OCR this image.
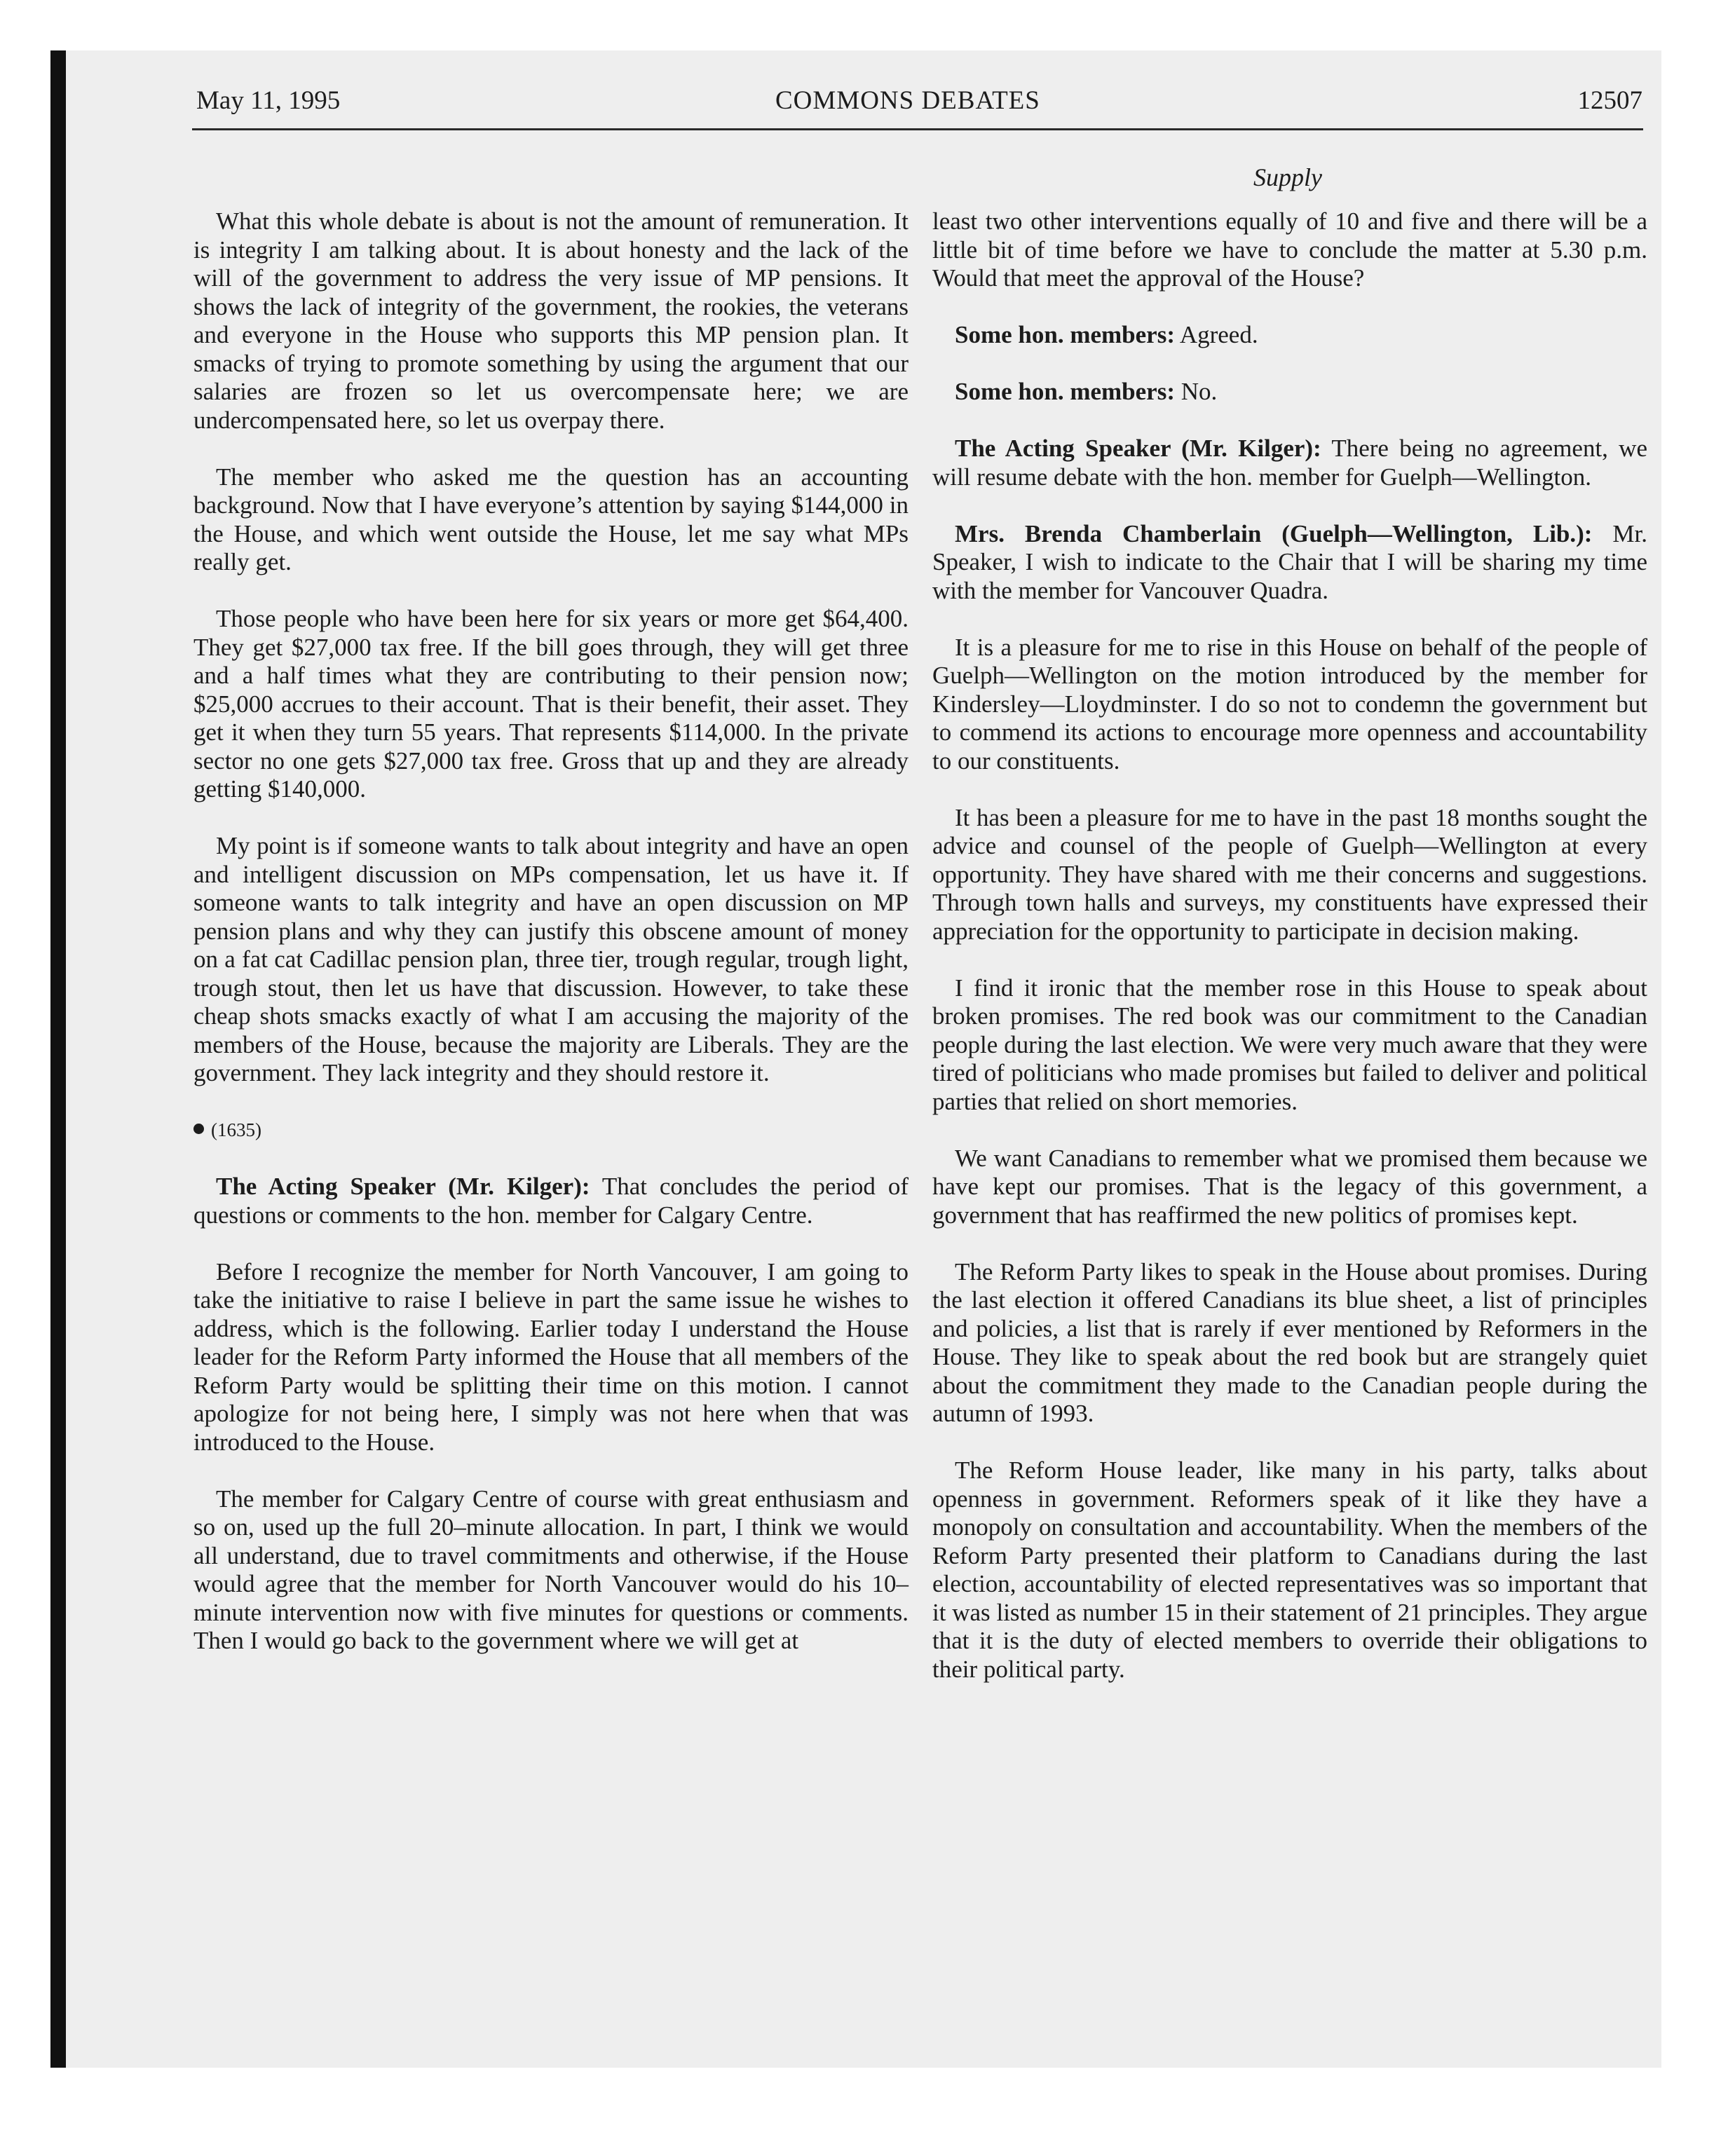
May 11, 1995	COMMONS DEBATES	12507
Supply

What this whole debate is about is not the amount of remuneration. It is integrity I am talking about. It is about honesty and the lack of the will of the government to address the very issue of MP pensions. It shows the lack of integrity of the government, the rookies, the veterans and everyone in the House who supports this MP pension plan. It smacks of trying to promote something by using the argument that our salaries are frozen so let us overcompensate here; we are undercompensated here, so let us overpay there.

The member who asked me the question has an accounting background. Now that I have everyone’s attention by saying $144,000 in the House, and which went outside the House, let me say what MPs really get.

Those people who have been here for six years or more get $64,400. They get $27,000 tax free. If the bill goes through, they will get three and a half times what they are contributing to their pension now; $25,000 accrues to their account. That is their benefit, their asset. They get it when they turn 55 years. That represents $114,000. In the private sector no one gets $27,000 tax free. Gross that up and they are already getting $140,000.

My point is if someone wants to talk about integrity and have an open and intelligent discussion on MPs compensation, let us have it. If someone wants to talk integrity and have an open discussion on MP pension plans and why they can justify this obscene amount of money on a fat cat Cadillac pension plan, three tier, trough regular, trough light, trough stout, then let us have that discussion. However, to take these cheap shots smacks exactly of what I am accusing the majority of the members of the House, because the majority are Liberals. They are the government. They lack integrity and they should restore it.

(1635)

The Acting Speaker (Mr. Kilger): That concludes the period of questions or comments to the hon. member for Calgary Centre.

Before I recognize the member for North Vancouver, I am going to take the initiative to raise I believe in part the same issue he wishes to address, which is the following. Earlier today I understand the House leader for the Reform Party informed the House that all members of the Reform Party would be splitting their time on this motion. I cannot apologize for not being here, I simply was not here when that was introduced to the House.

The member for Calgary Centre of course with great enthusiasm and so on, used up the full 20–minute allocation. In part, I think we would all understand, due to travel commitments and otherwise, if the House would agree that the member for North Vancouver would do his 10–minute intervention now with five minutes for questions or comments. Then I would go back to the government where we will get at

least two other interventions equally of 10 and five and there will be a little bit of time before we have to conclude the matter at 5.30 p.m. Would that meet the approval of the House?

Some hon. members: Agreed.

Some hon. members: No.

The Acting Speaker (Mr. Kilger): There being no agreement, we will resume debate with the hon. member for Guelph—Wellington.

Mrs. Brenda Chamberlain (Guelph—Wellington, Lib.): Mr. Speaker, I wish to indicate to the Chair that I will be sharing my time with the member for Vancouver Quadra.

It is a pleasure for me to rise in this House on behalf of the people of Guelph—Wellington on the motion introduced by the member for Kindersley—Lloydminster. I do so not to condemn the government but to commend its actions to encourage more openness and accountability to our constituents.

It has been a pleasure for me to have in the past 18 months sought the advice and counsel of the people of Guelph—Wellington at every opportunity. They have shared with me their concerns and suggestions. Through town halls and surveys, my constituents have expressed their appreciation for the opportunity to participate in decision making.

I find it ironic that the member rose in this House to speak about broken promises. The red book was our commitment to the Canadian people during the last election. We were very much aware that they were tired of politicians who made promises but failed to deliver and political parties that relied on short memories.

We want Canadians to remember what we promised them because we have kept our promises. That is the legacy of this government, a government that has reaffirmed the new politics of promises kept.

The Reform Party likes to speak in the House about promises. During the last election it offered Canadians its blue sheet, a list of principles and policies, a list that is rarely if ever mentioned by Reformers in the House. They like to speak about the red book but are strangely quiet about the commitment they made to the Canadian people during the autumn of 1993.

The Reform House leader, like many in his party, talks about openness in government. Reformers speak of it like they have a monopoly on consultation and accountability. When the members of the Reform Party presented their platform to Canadians during the last election, accountability of elected representatives was so important that it was listed as number 15 in their statement of 21 principles. They argue that it is the duty of elected members to override their obligations to their political party.
